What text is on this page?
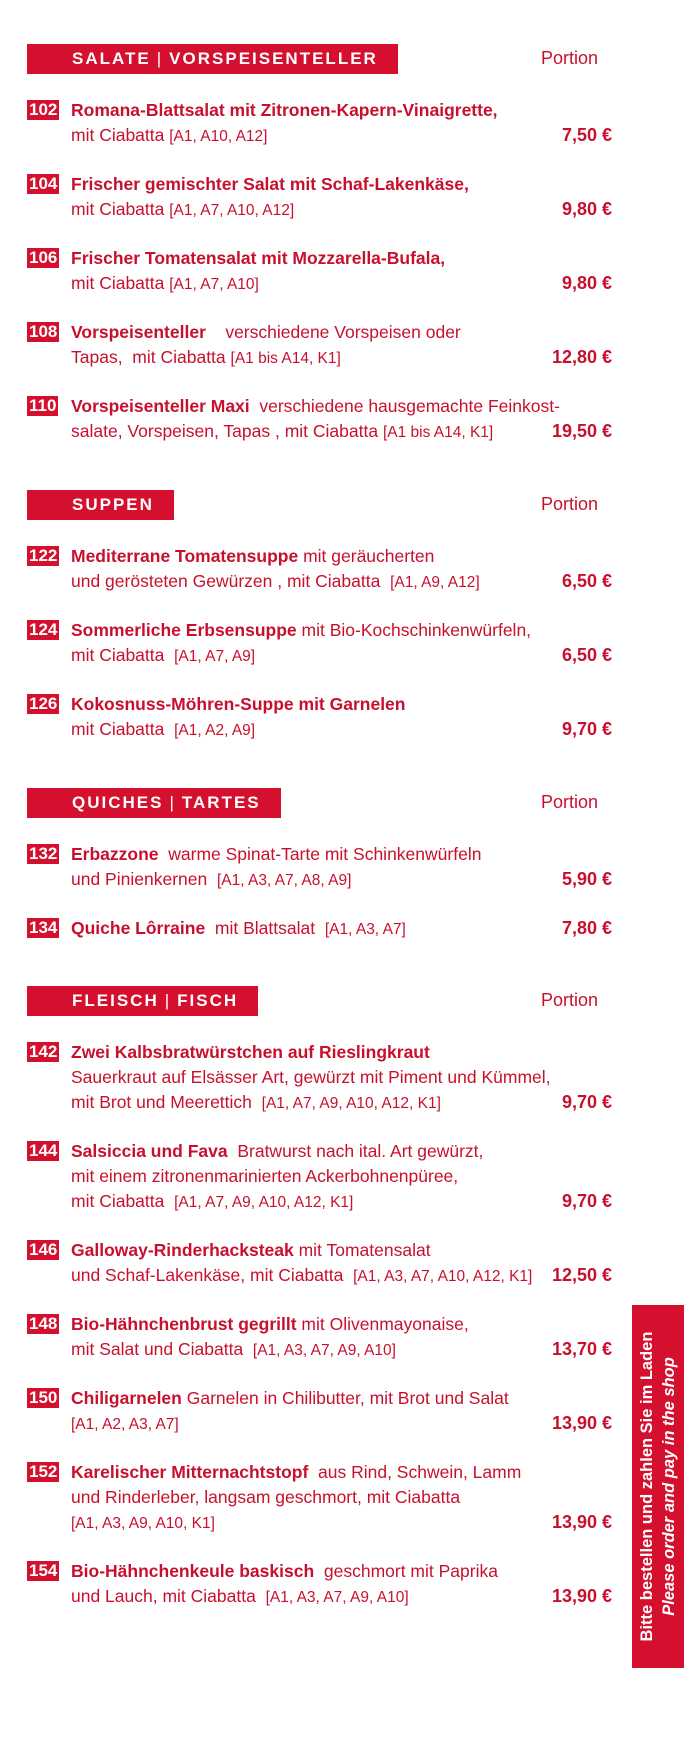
SALATE | VORSPEISENTELLER	Portion
102 Romana-Blattsalat mit Zitronen-Kapern-Vinaigrette,
mit Ciabatta [A1, A10, A12]	7,50 €
104 Frischer gemischter Salat mit Schaf-Lakenkäse,
mit Ciabatta [A1, A7, A10, A12]	9,80 €
106 Frischer Tomatensalat mit Mozzarella-Bufala,
mit Ciabatta [A1, A7, A10]	9,80 €
108 Vorspeisenteller    verschiedene Vorspeisen oder
Tapas,  mit Ciabatta [A1 bis A14, K1]	12,80 €
110 Vorspeisenteller Maxi  verschiedene hausgemachte Feinkost-
salate, Vorspeisen, Tapas , mit Ciabatta [A1 bis A14, K1]	19,50 €
SUPPEN	Portion
122 Mediterrane Tomatensuppe mit geräucherten
und gerösteten Gewürzen , mit Ciabatta  [A1, A9, A12]	6,50 €
124 Sommerliche Erbsensuppe mit Bio-Kochschinkenwürfeln,
mit Ciabatta  [A1, A7, A9]	6,50 €
126 Kokosnuss-Möhren-Suppe mit Garnelen
mit Ciabatta  [A1, A2, A9]	9,70 €
QUICHES | TARTES	Portion
132 Erbazzone  warme Spinat-Tarte mit Schinkenwürfeln
und Pinienkernen  [A1, A3, A7, A8, A9]	5,90 €
134 Quiche Lôrraine  mit Blattsalat  [A1, A3, A7]	7,80 €
FLEISCH | FISCH	Portion
142 Zwei Kalbsbratwürstchen auf Rieslingkraut
Sauerkraut auf Elsässer Art, gewürzt mit Piment und Kümmel,
mit Brot und Meerettich  [A1, A7, A9, A10, A12, K1]	9,70 €
144 Salsiccia und Fava  Bratwurst nach ital. Art gewürzt,
mit einem zitronenmarinierten Ackerbohnenpüree,
mit Ciabatta  [A1, A7, A9, A10, A12, K1]	9,70 €
146 Galloway-Rinderhacksteak mit Tomatensalat
und Schaf-Lakenkäse, mit Ciabatta  [A1, A3, A7, A10, A12, K1] 12,50 €
148 Bio-Hähnchenbrust gegrillt mit Olivenmayonaise,
mit Salat und Ciabatta  [A1, A3, A7, A9, A10]	13,70 €
150 Chiligarnelen Garnelen in Chilibutter, mit Brot und Salat
[A1, A2, A3, A7]	13,90 €
152 Karelischer Mitternachtstopf  aus Rind, Schwein, Lamm
und Rinderleber, langsam geschmort, mit Ciabatta
[A1, A3, A9, A10, K1]	13,90 €
154 Bio-Hähnchenkeule baskisch  geschmort mit Paprika
und Lauch, mit Ciabatta  [A1, A3, A7, A9, A10]	13,90 € Bitte bestellen und zahlen Sie im Laden Please order and pay in the shop
